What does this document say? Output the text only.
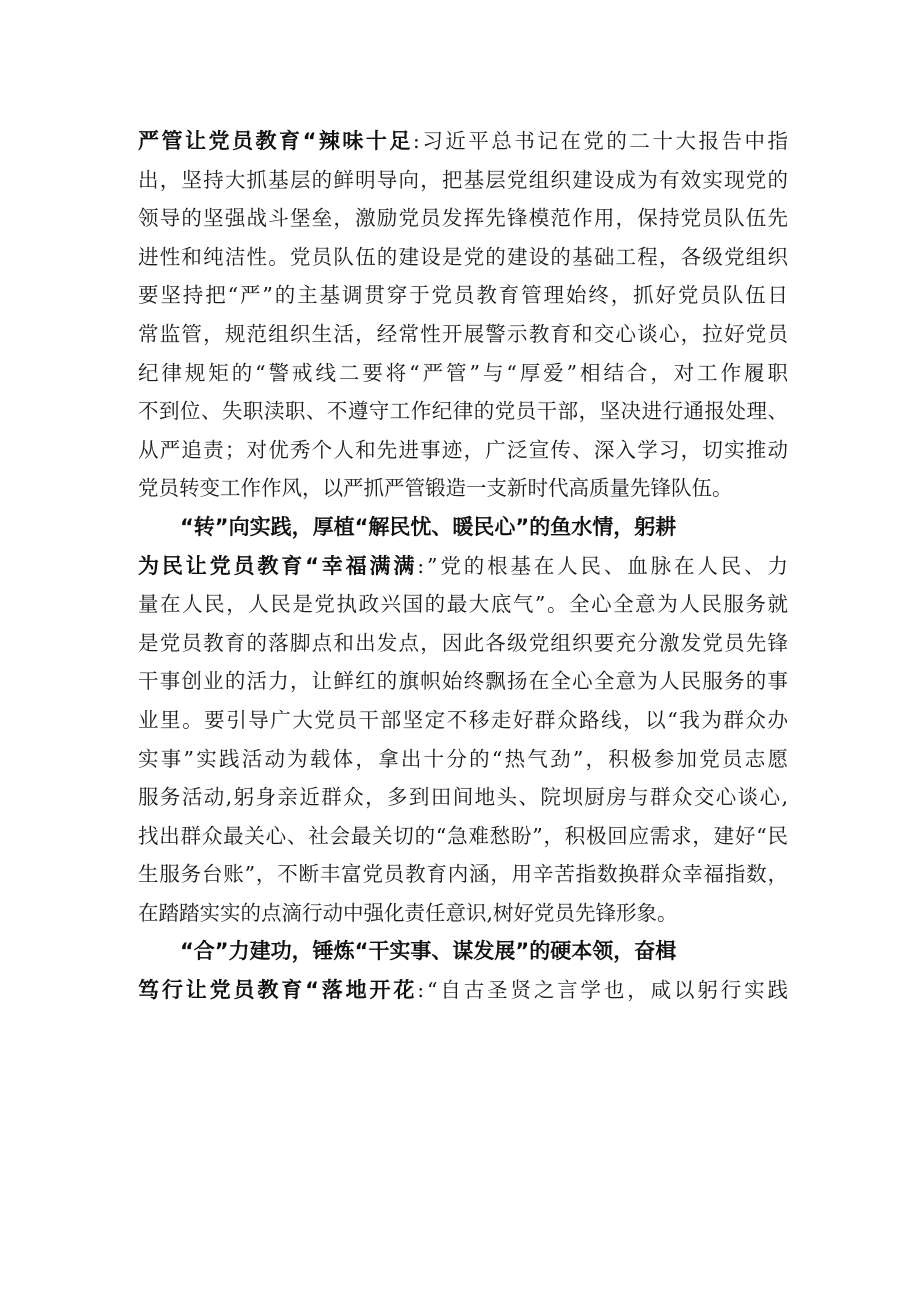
严管让党员教育“辣味十足:习近平总书记在党的二十大报告中指
出，坚持大抓基层的鲜明导向，把基层党组织建设成为有效实现党的
领导的坚强战斗堡垒，激励党员发挥先锋模范作用，保持党员队伍先
进性和纯洁性。党员队伍的建设是党的建设的基础工程，各级党组织
要坚持把“严”的主基调贯穿于党员教育管理始终，抓好党员队伍日
常监管，规范组织生活，经常性开展警示教育和交心谈心，拉好党员
纪律规矩的“警戒线二要将“严管”与“厚爱”相结合，对工作履职
不到位、失职渎职、不遵守工作纪律的党员干部，坚决进行通报处理、
从严追责；对优秀个人和先进事迹，广泛宣传、深入学习，切实推动
党员转变工作作风，以严抓严管锻造一支新时代高质量先锋队伍。
“转”向实践，厚植“解民忧、暖民心”的鱼水情，躬耕
为民让党员教育“幸福满满:”党的根基在人民、血脉在人民、力
量在人民，人民是党执政兴国的最大底气”。全心全意为人民服务就
是党员教育的落脚点和出发点，因此各级党组织要充分激发党员先锋
干事创业的活力，让鲜红的旗帜始终飘扬在全心全意为人民服务的事
业里。要引导广大党员干部坚定不移走好群众路线，以“我为群众办
实事”实践活动为载体，拿出十分的“热气劲”，积极参加党员志愿
服务活动,躬身亲近群众，多到田间地头、院坝厨房与群众交心谈心,
找出群众最关心、社会最关切的“急难愁盼”，积极回应需求，建好“民
生服务台账”，不断丰富党员教育内涵，用辛苦指数换群众幸福指数，
在踏踏实实的点滴行动中强化责任意识,树好党员先锋形象。
“合”力建功，锤炼“干实事、谋发展”的硬本领，奋楫
笃行让党员教育“落地开花:“自古圣贤之言学也，咸以躬行实践
